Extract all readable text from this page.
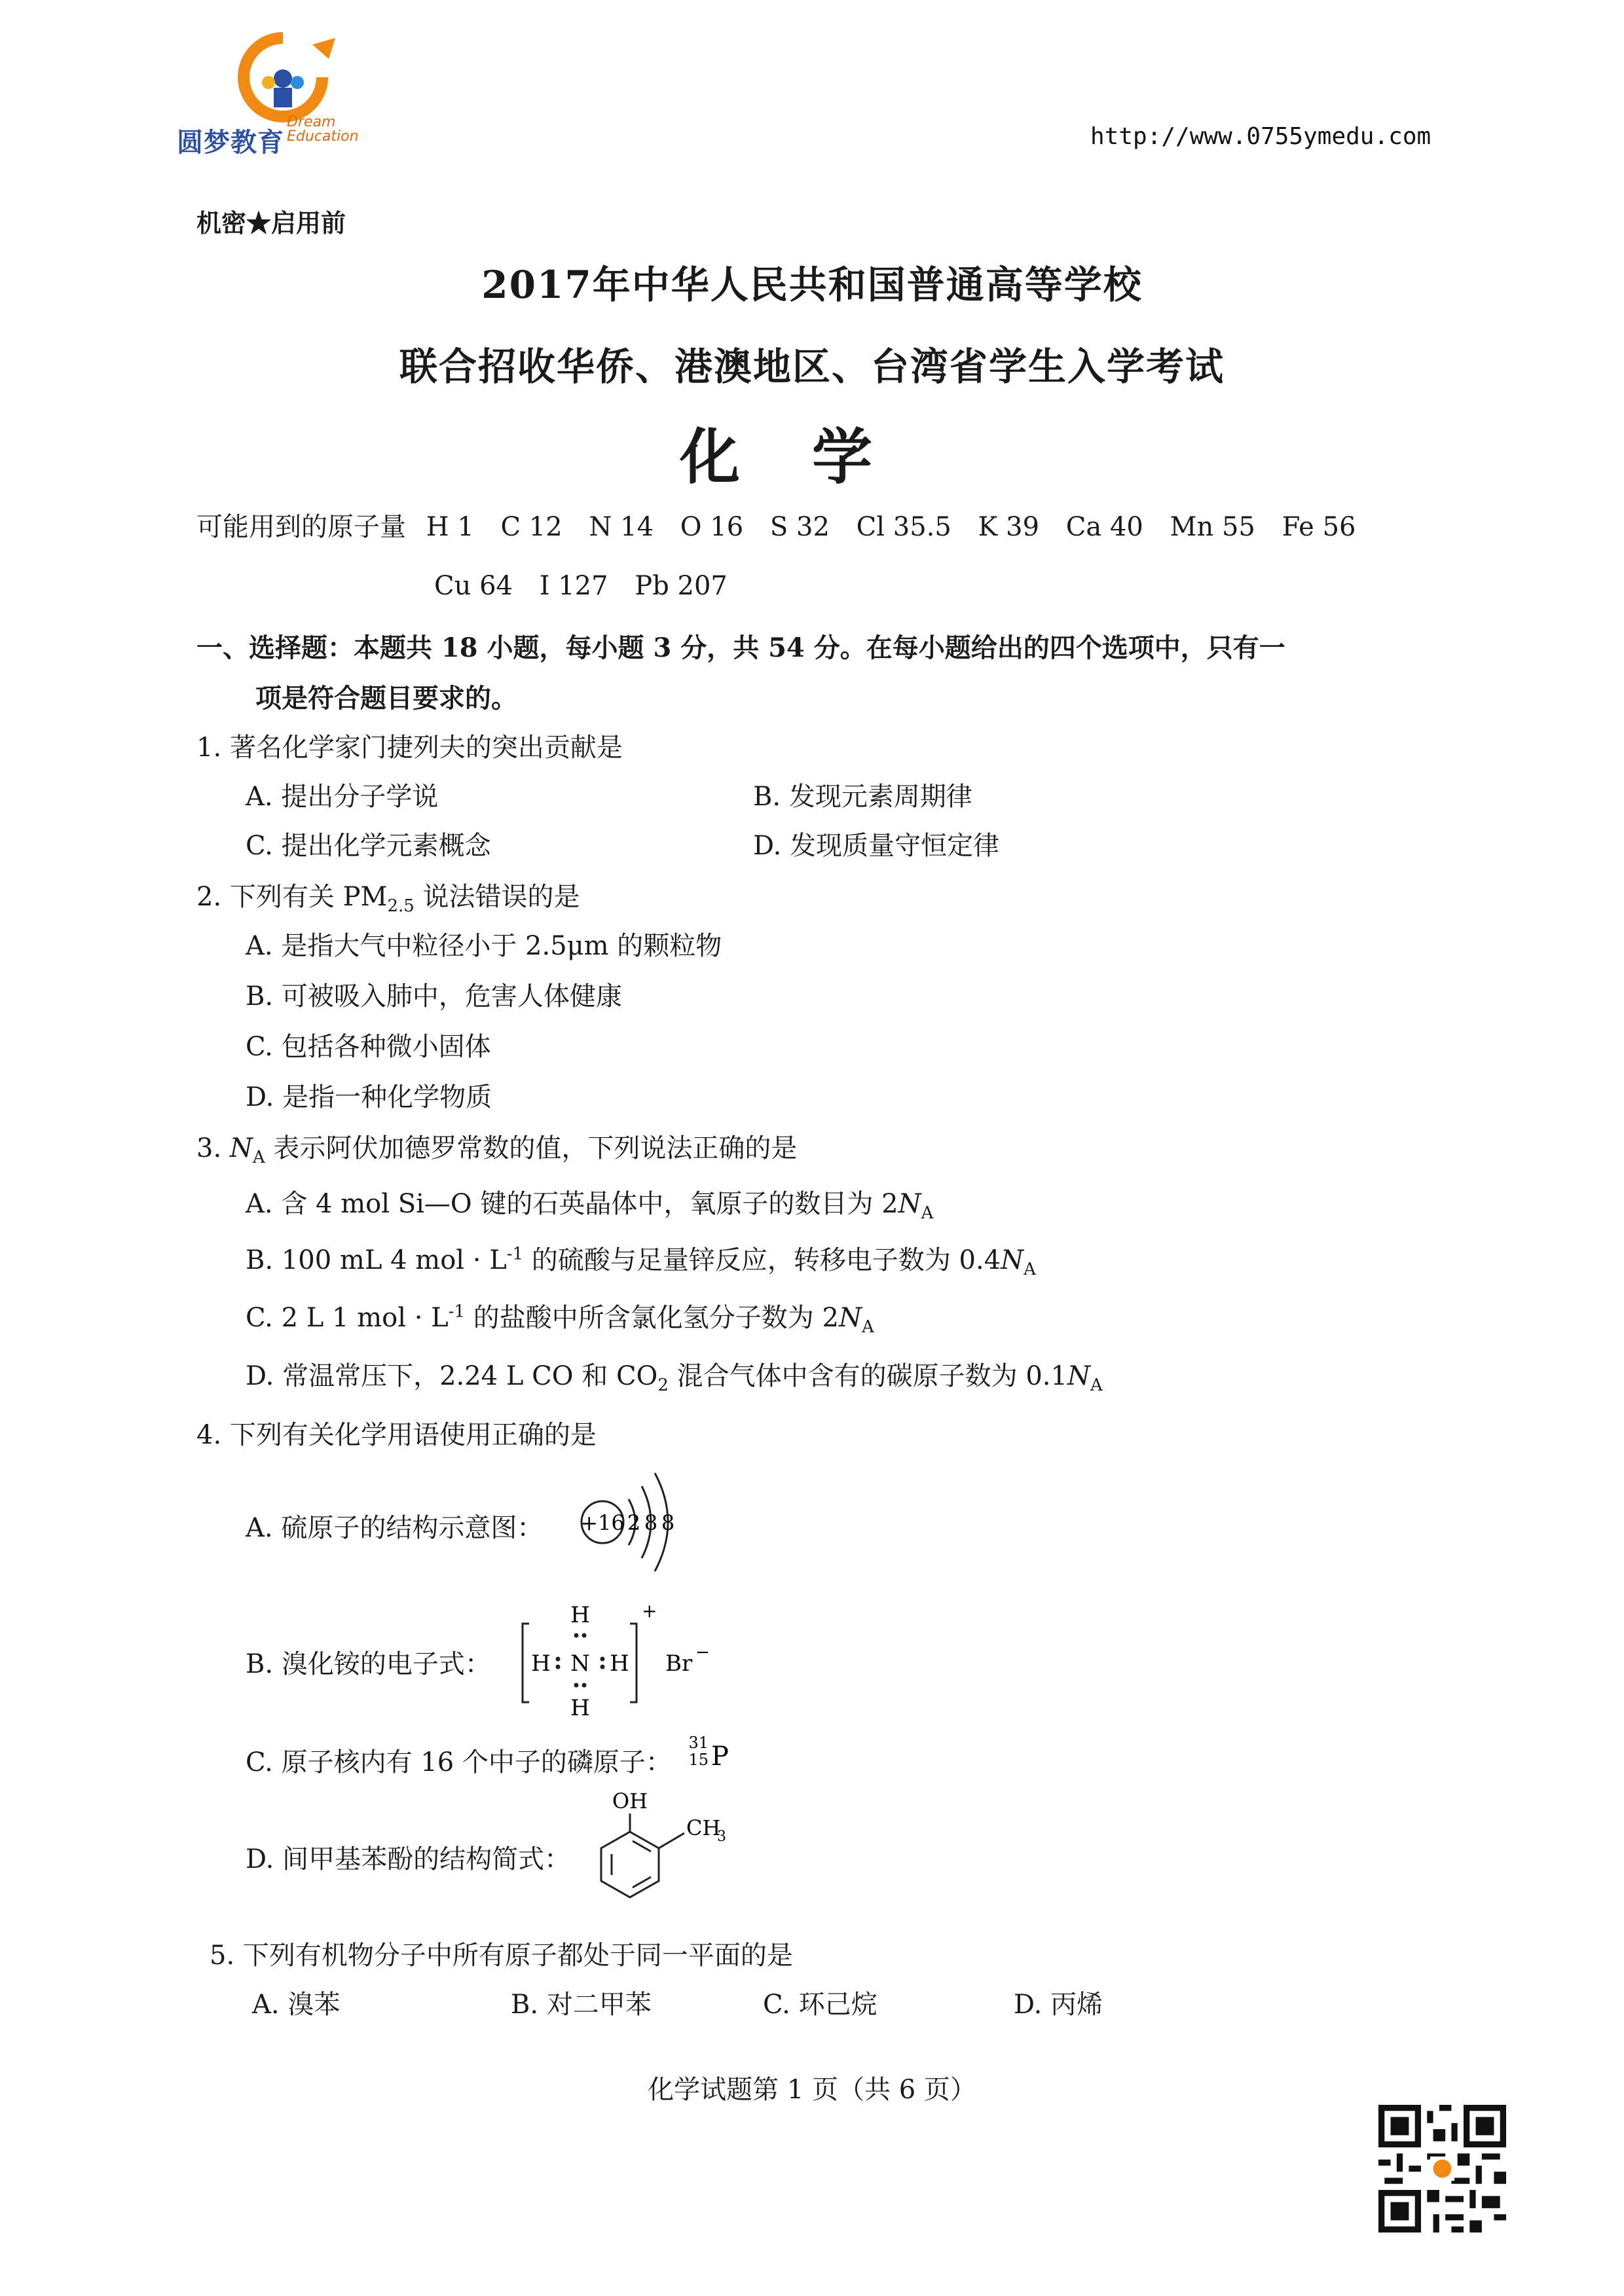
圆梦教育
Dream
Education	http://www.0755ymedu.com
机密★启用前
2017年中华人民共和国普通高等学校
联合招收华侨、港澳地区、台湾省学生入学考试
化学
可能用到的原子量 H 1 C 12 N 14 O 16 S 32 Cl 35.5 K 39 Ca 40 Mn 55 Fe 56
Cu 64 I 127 Pb 207
一、选择题：本题共 18 小题，每小题 3 分，共 54 分。在每小题给出的四个选项中，只有一
项是符合题目要求的。
1. 著名化学家门捷列夫的突出贡献是
A. 提出分子学说	B. 发现元素周期律
C. 提出化学元素概念	D. 发现质量守恒定律
2. 下列有关 $PM_{2.5}$ 说法错误的是
A. 是指大气中粒径小于 2.5μm 的颗粒物
B. 可被吸入肺中，危害人体健康
C. 包括各种微小固体
D. 是指一种化学物质
3. $N_A$ 表示阿伏加德罗常数的值，下列说法正确的是
A. 含 4 mol Si—O 键的石英晶体中，氧原子的数目为 $2N_A$
B. 100 mL 4 mol · $L^{-1}$ 的硫酸与足量锌反应，转移电子数为 $0.4N_A$
C. 2 L 1 mol · $L^{-1}$ 的盐酸中所含氯化氢分子数为 $2N_A$
D. 常温常压下，2.24 L CO 和 $CO_2$ 混合气体中含有的碳原子数为 $0.1N_A$
4. 下列有关化学用语使用正确的是
A. 硫原子的结构示意图： +16 2 8 8
B. 溴化铵的电子式：
H
H N H
H
+
Br −
C. 原子核内有 16 个中子的磷原子：
31
15 P
D. 间甲基苯酚的结构简式：
OH
CH
3
5. 下列有机物分子中所有原子都处于同一平面的是
A. 溴苯	B. 对二甲苯	C. 环己烷	D. 丙烯
化学试题第 1 页（共 6 页）
